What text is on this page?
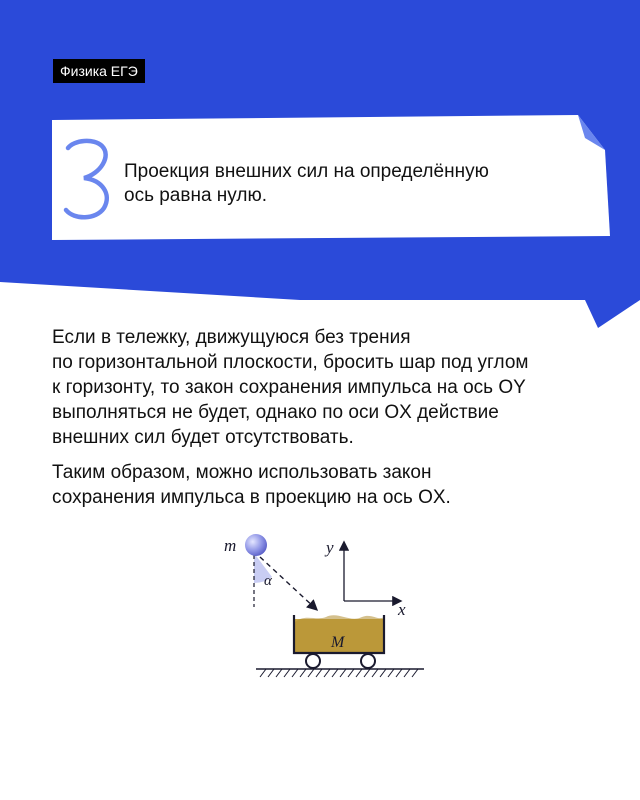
Физика ЕГЭ
Проекция внешних сил на определённую
ось равна нулю.
Если в тележку, движущуюся без трения
по горизонтальной плоскости, бросить шар под углом
к горизонту, то закон сохранения импульса на ось OY
выполняться не будет, однако по оси OX действие
внешних сил будет отсутствовать.
Таким образом, можно использовать закон
сохранения импульса в проекцию на ось OX.
m
α
y
x
M
